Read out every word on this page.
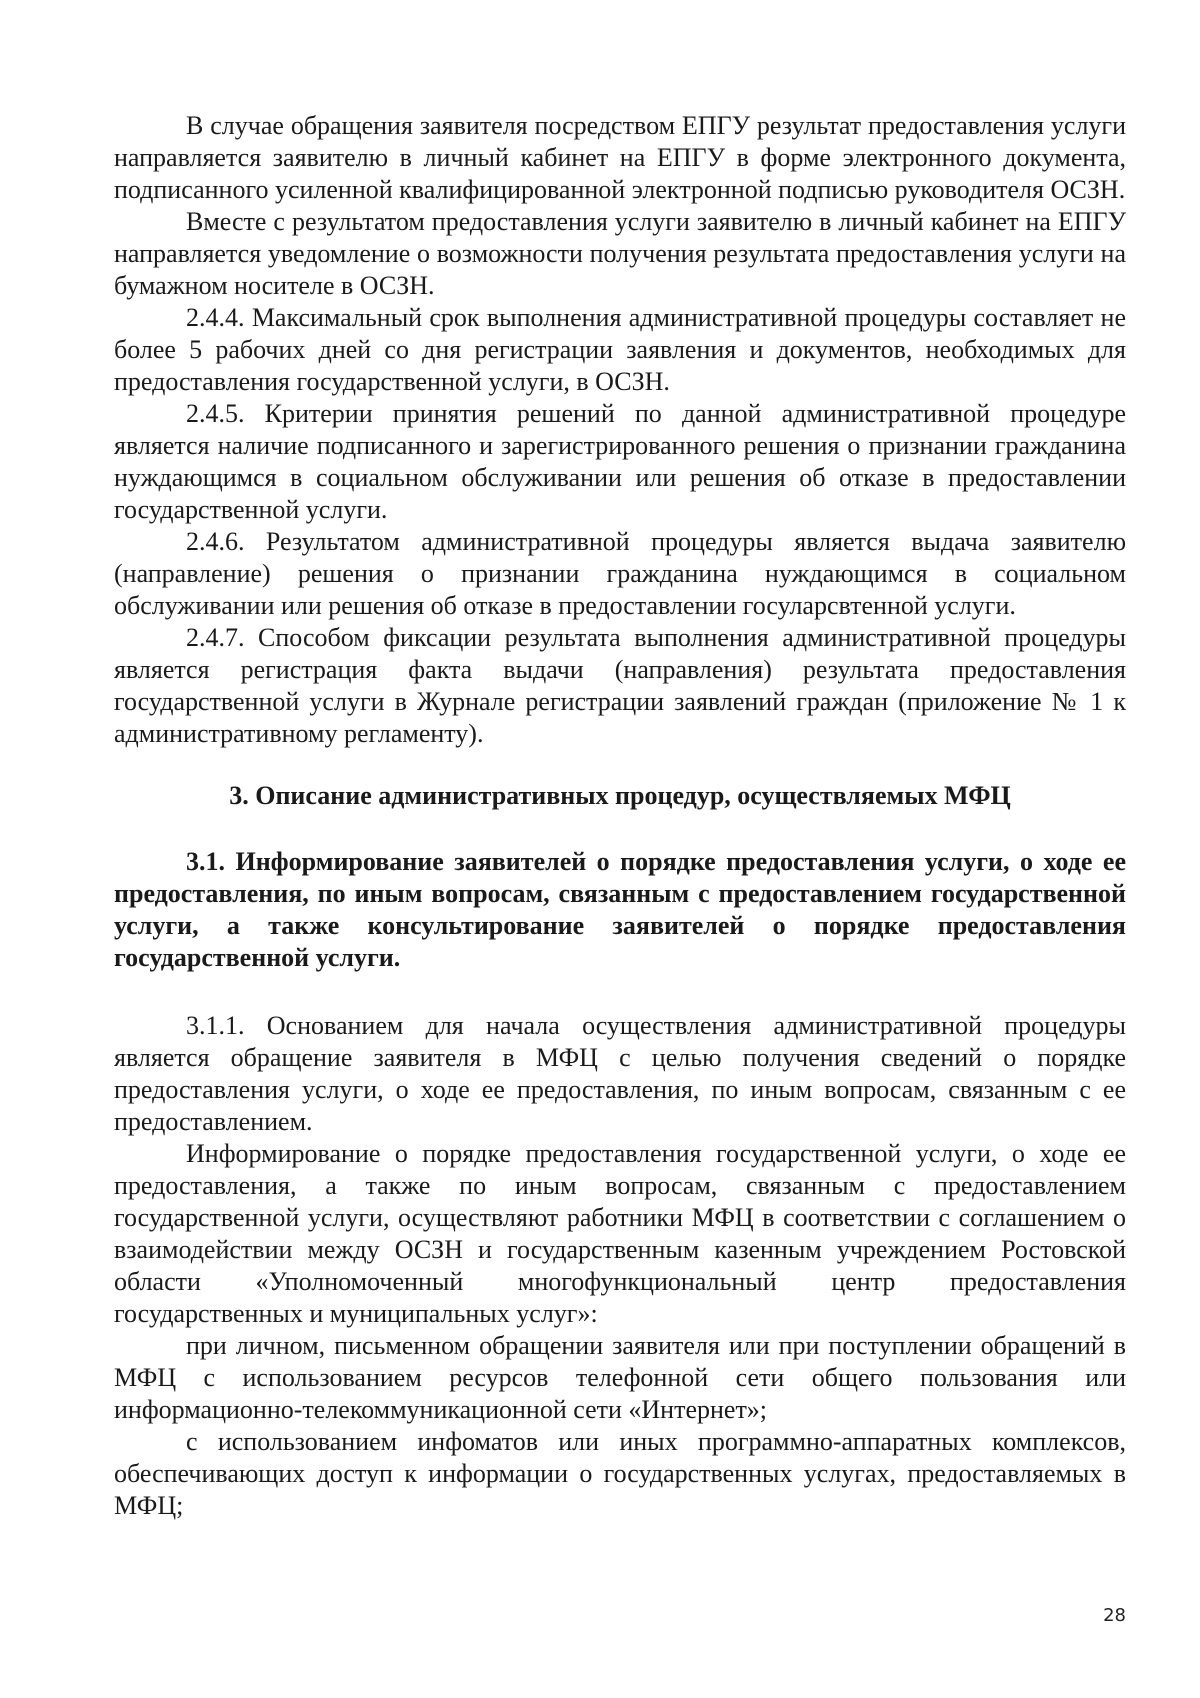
В случае обращения заявителя посредством ЕПГУ результат предоставления услуги направляется заявителю в личный кабинет на ЕПГУ в форме электронного документа, подписанного усиленной квалифицированной электронной подписью руководителя ОСЗН.

Вместе с результатом предоставления услуги заявителю в личный кабинет на ЕПГУ направляется уведомление о возможности получения результата предоставления услуги на бумажном носителе в ОСЗН.

2.4.4. Максимальный срок выполнения административной процедуры составляет не более 5 рабочих дней со дня регистрации заявления и документов, необходимых для предоставления государственной услуги, в ОСЗН.

2.4.5. Критерии принятия решений по данной административной процедуре является наличие подписанного и зарегистрированного решения о признании гражданина нуждающимся в социальном обслуживании или решения об отказе в предоставлении государственной услуги.

2.4.6. Результатом административной процедуры является выдача заявителю (направление) решения о признании гражданина нуждающимся в социальном обслуживании или решения об отказе в предоставлении госуларсвтенной услуги.

2.4.7. Способом фиксации результата выполнения административной процедуры является регистрация факта выдачи (направления) результата предоставления государственной услуги в Журнале регистрации заявлений граждан (приложение № 1 к административному регламенту).

3. Описание административных процедур, осуществляемых МФЦ

3.1. Информирование заявителей о порядке предоставления услуги, о ходе ее предоставления, по иным вопросам, связанным с предоставлением государственной услуги, а также консультирование заявителей о порядке предоставления государственной услуги.

3.1.1. Основанием для начала осуществления административной процедуры является обращение заявителя в МФЦ с целью получения сведений о порядке предоставления услуги, о ходе ее предоставления, по иным вопросам, связанным с ее предоставлением.

Информирование о порядке предоставления государственной услуги, о ходе ее предоставления, а также по иным вопросам, связанным с предоставлением государственной услуги, осуществляют работники МФЦ в соответствии с соглашением о взаимодействии между ОСЗН и государственным казенным учреждением Ростовской области «Уполномоченный многофункциональный центр предоставления государственных и муниципальных услуг»:

при личном, письменном обращении заявителя или при поступлении обращений в МФЦ с использованием ресурсов телефонной сети общего пользования или информационно-телекоммуникационной сети «Интернет»;

с использованием инфоматов или иных программно-аппаратных комплексов, обеспечивающих доступ к информации о государственных услугах, предоставляемых в МФЦ;

28
